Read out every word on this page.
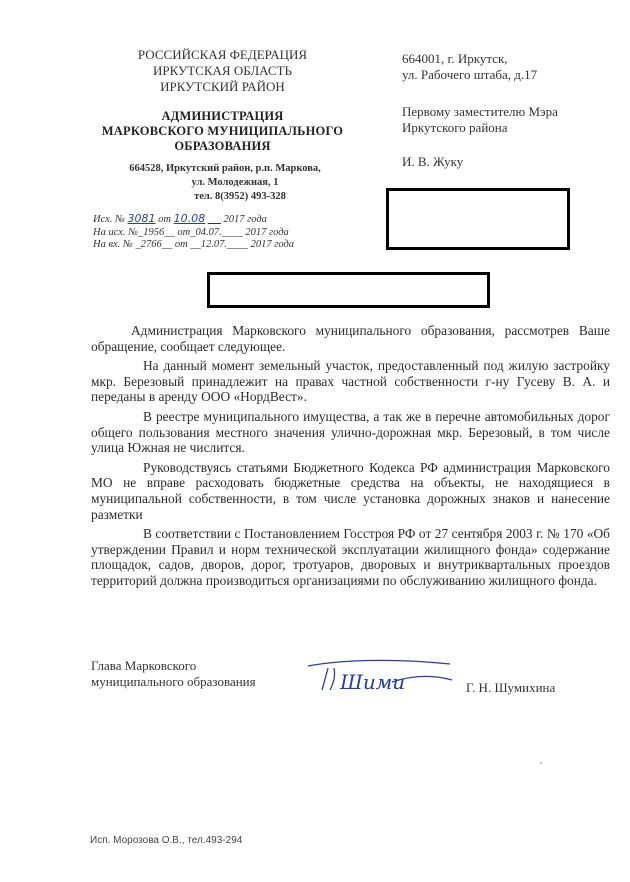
РОССИЙСКАЯ ФЕДЕРАЦИЯ
ИРКУТСКАЯ ОБЛАСТЬ
ИРКУТСКИЙ РАЙОН
АДМИНИСТРАЦИЯ
МАРКОВСКОГО МУНИЦИПАЛЬНОГО
ОБРАЗОВАНИЯ
664528, Иркутский район, р.п. Маркова,
ул. Молодежная, 1
тел. 8(3952) 493-328
Исх. № 3081 от 10.08 2017 года
На исх. №_1956__ от_04.07.____ 2017 года
На вх. № _2766__ от __12.07.____ 2017 года
664001, г. Иркутск,
ул. Рабочего штаба, д.17
Первому заместителю Мэра
Иркутского района
И. В. Жуку

Администрация Марковского муниципального образования, рассмотрев Ваше обращение, сообщает следующее.

На данный момент земельный участок, предоставленный под жилую застройку мкр. Березовый принадлежит на правах частной собственности г-ну Гусеву В. А. и переданы в аренду ООО «НордВест».

В реестре муниципального имущества, а так же в перечне автомобильных дорог общего пользования местного значения улично-дорожная мкр. Березовый, в том числе улица Южная не числится.

Руководствуясь статьями Бюджетного Кодекса РФ администрация Марковского МО не вправе расходовать бюджетные средства на объекты, не находящиеся в муниципальной собственности, в том числе установка дорожных знаков и нанесение разметки

В соответствии с Постановлением Госстроя РФ от 27 сентября 2003 г. № 170 «Об утверждении Правил и норм технической эксплуатации жилищного фонда» содержание площадок, садов, дворов, дорог, тротуаров, дворовых и внутриквартальных проездов территорий должна производиться организациями по обслуживанию жилищного фонда.

Глава Марковского
муниципального образования	Шими	Г. Н. Шумихина
Исп. Морозова О.В., тел.493-294
